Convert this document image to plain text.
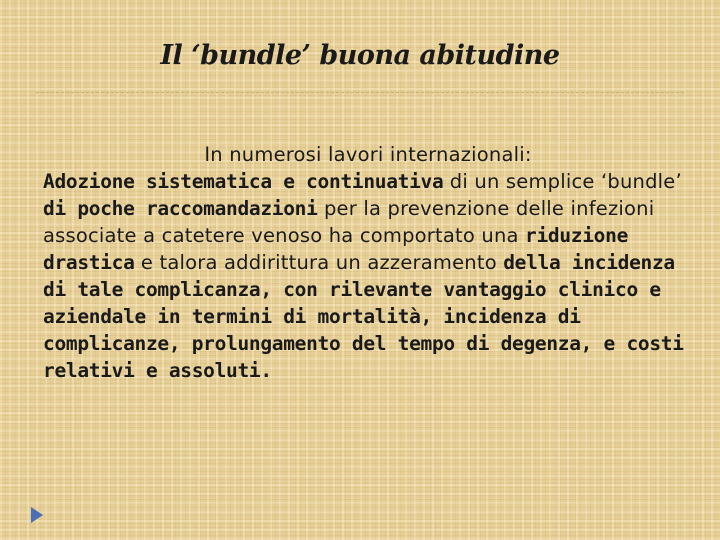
Il ‘bundle’ buona abitudine
In numerosi lavori internazionali:

Adozione sistematica e continuativa di un semplice ‘bundle’ di poche raccomandazioni per la prevenzione delle infezioni associate a catetere venoso ha comportato una riduzione drastica e talora addirittura un azzeramento della incidenza di tale complicanza, con rilevante vantaggio clinico e aziendale in termini di mortalità, incidenza di complicanze, prolungamento del tempo di degenza, e costi relativi e assoluti.
